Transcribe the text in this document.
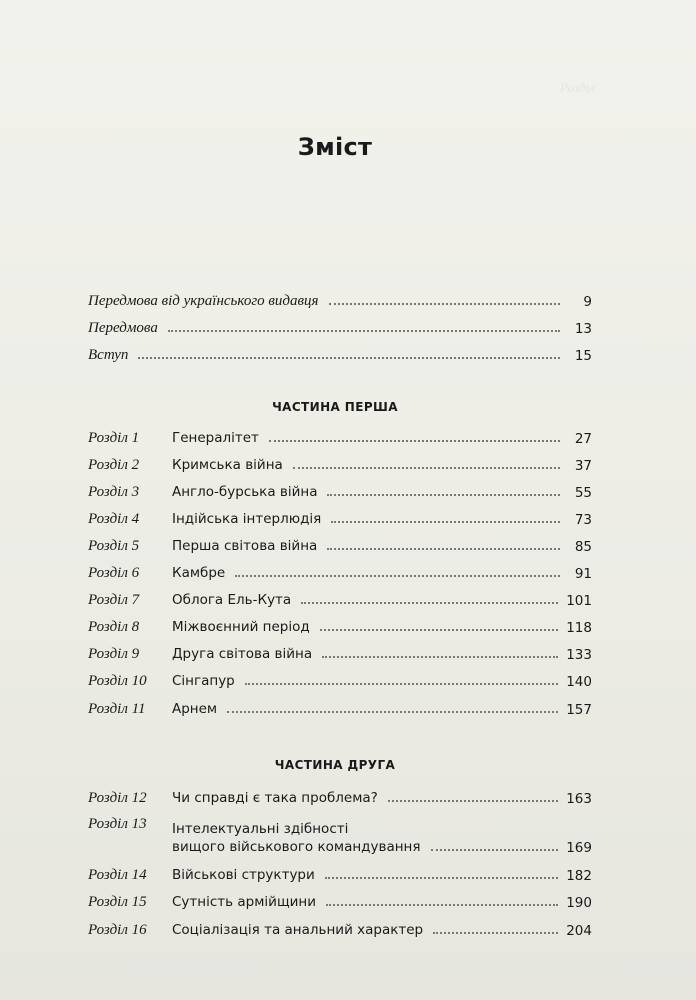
Розділ
Зміст
Передмова від українського видавця	9
Передмова	13
Вступ	15
ЧАСТИНА ПЕРША
Розділ 1	Генералітет	27
Розділ 2	Кримська війна	37
Розділ 3	Англо-бурська війна	55
Розділ 4	Індійська інтерлюдія	73
Розділ 5	Перша світова війна	85
Розділ 6	Камбре	91
Розділ 7	Облога Ель-Кута	101
Розділ 8	Міжвоєнний період	118
Розділ 9	Друга світова війна	133
Розділ 10	Сінгапур	140
Розділ 11	Арнем	157
ЧАСТИНА ДРУГА
Розділ 12	Чи справді є така проблема?	163
Розділ 13	Інтелектуальні здібності
вищого військового командування	169
Розділ 14	Військові структури	182
Розділ 15	Сутність армійщини	190
Розділ 16	Соціалізація та анальний характер	204
